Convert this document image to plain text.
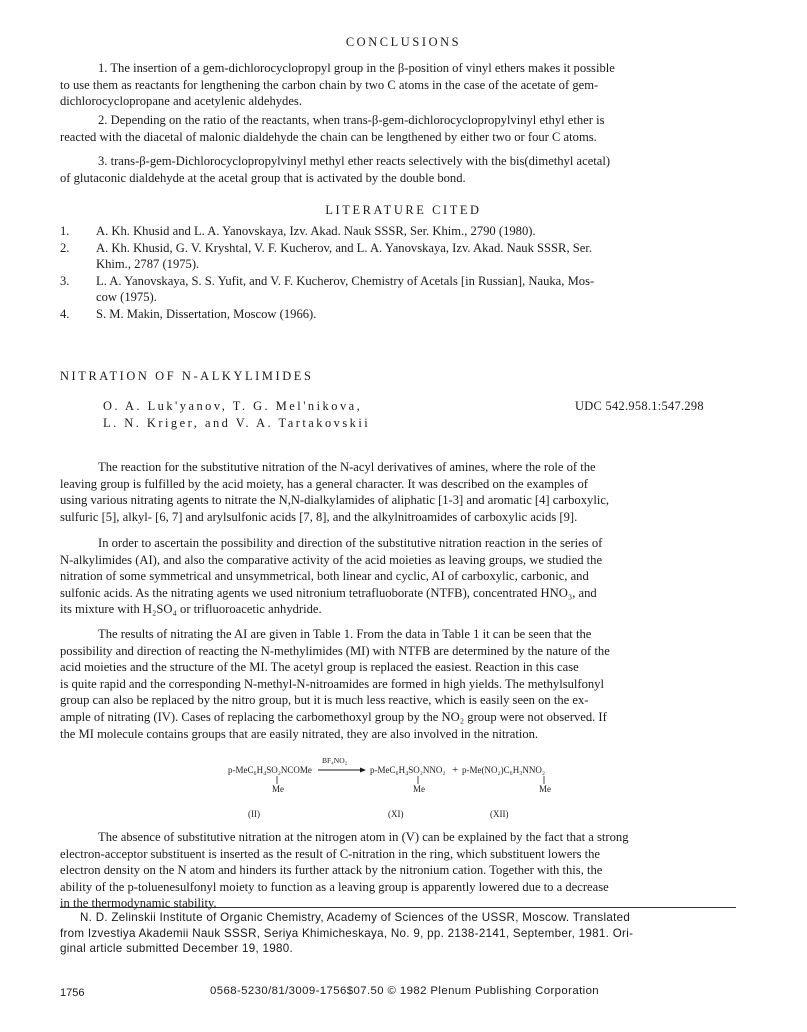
CONCLUSIONS

1. The insertion of a gem-dichlorocyclopropyl group in the β-position of vinyl ethers makes it possible
to use them as reactants for lengthening the carbon chain by two C atoms in the case of the acetate of gem-
dichlorocyclopropane and acetylenic aldehydes.

2. Depending on the ratio of the reactants, when trans-β-gem-dichlorocyclopropylvinyl ethyl ether is
reacted with the diacetal of malonic dialdehyde the chain can be lengthened by either two or four C atoms.

3. trans-β-gem-Dichlorocyclopropylvinyl methyl ether reacts selectively with the bis(dimethyl acetal)
of glutaconic dialdehyde at the acetal group that is activated by the double bond.

LITERATURE CITED
1.	A. Kh. Khusid and L. A. Yanovskaya, Izv. Akad. Nauk SSSR, Ser. Khim., 2790 (1980).
2.	A. Kh. Khusid, G. V. Kryshtal, V. F. Kucherov, and L. A. Yanovskaya, Izv. Akad. Nauk SSSR, Ser.
Khim., 2787 (1975).
3.	L. A. Yanovskaya, S. S. Yufit, and V. F. Kucherov, Chemistry of Acetals [in Russian], Nauka, Mos-
cow (1975).
4.	S. M. Makin, Dissertation, Moscow (1966).
NITRATION OF N-ALKYLIMIDES
O. A. Luk'yanov, T. G. Mel'nikova,
L. N. Kriger, and V. A. Tartakovskii
UDC 542.958.1:547.298

The reaction for the substitutive nitration of the N-acyl derivatives of amines, where the role of the
leaving group is fulfilled by the acid moiety, has a general character. It was described on the examples of
using various nitrating agents to nitrate the N,N-dialkylamides of aliphatic [1-3] and aromatic [4] carboxylic,
sulfuric [5], alkyl- [6, 7] and arylsulfonic acids [7, 8], and the alkylnitroamides of carboxylic acids [9].

In order to ascertain the possibility and direction of the substitutive nitration reaction in the series of
N-alkylimides (AI), and also the comparative activity of the acid moieties as leaving groups, we studied the
nitration of some symmetrical and unsymmetrical, both linear and cyclic, AI of carboxylic, carbonic, and
sulfonic acids. As the nitrating agents we used nitronium tetrafluoborate (NTFB), concentrated HNO₃, and
its mixture with H₂SO₄ or trifluoroacetic anhydride.

The results of nitrating the AI are given in Table 1. From the data in Table 1 it can be seen that the
possibility and direction of reacting the N-methylimides (MI) with NTFB are determined by the nature of the
acid moieties and the structure of the MI. The acetyl group is replaced the easiest. Reaction in this case
is quite rapid and the corresponding N-methyl-N-nitroamides are formed in high yields. The methylsulfonyl
group can also be replaced by the nitro group, but it is much less reactive, which is easily seen on the ex-
ample of nitrating (IV). Cases of replacing the carbomethoxyl group by the NO₂ group were not observed. If
the MI molecule contains groups that are easily nitrated, they are also involved in the nitration.

p-MeC₆H₄SO₂NCOMe
Me
BF₄NO₂
p-MeC₆H₄SO₂NNO₂
Me
+ p-Me(NO₂)C₆H₃NNO₂
Me
(II)	(XI)	(XII)

The absence of substitutive nitration at the nitrogen atom in (V) can be explained by the fact that a strong
electron-acceptor substituent is inserted as the result of C-nitration in the ring, which substituent lowers the
electron density on the N atom and hinders its further attack by the nitronium cation. Together with this, the
ability of the p-toluenesulfonyl moiety to function as a leaving group is apparently lowered due to a decrease
in the thermodynamic stability.

N. D. Zelinskii Institute of Organic Chemistry, Academy of Sciences of the USSR, Moscow. Translated
from Izvestiya Akademii Nauk SSSR, Seriya Khimicheskaya, No. 9, pp. 2138-2141, September, 1981. Ori-
ginal article submitted December 19, 1980.
1756	0568-5230/81/3009-1756$07.50 © 1982 Plenum Publishing Corporation
